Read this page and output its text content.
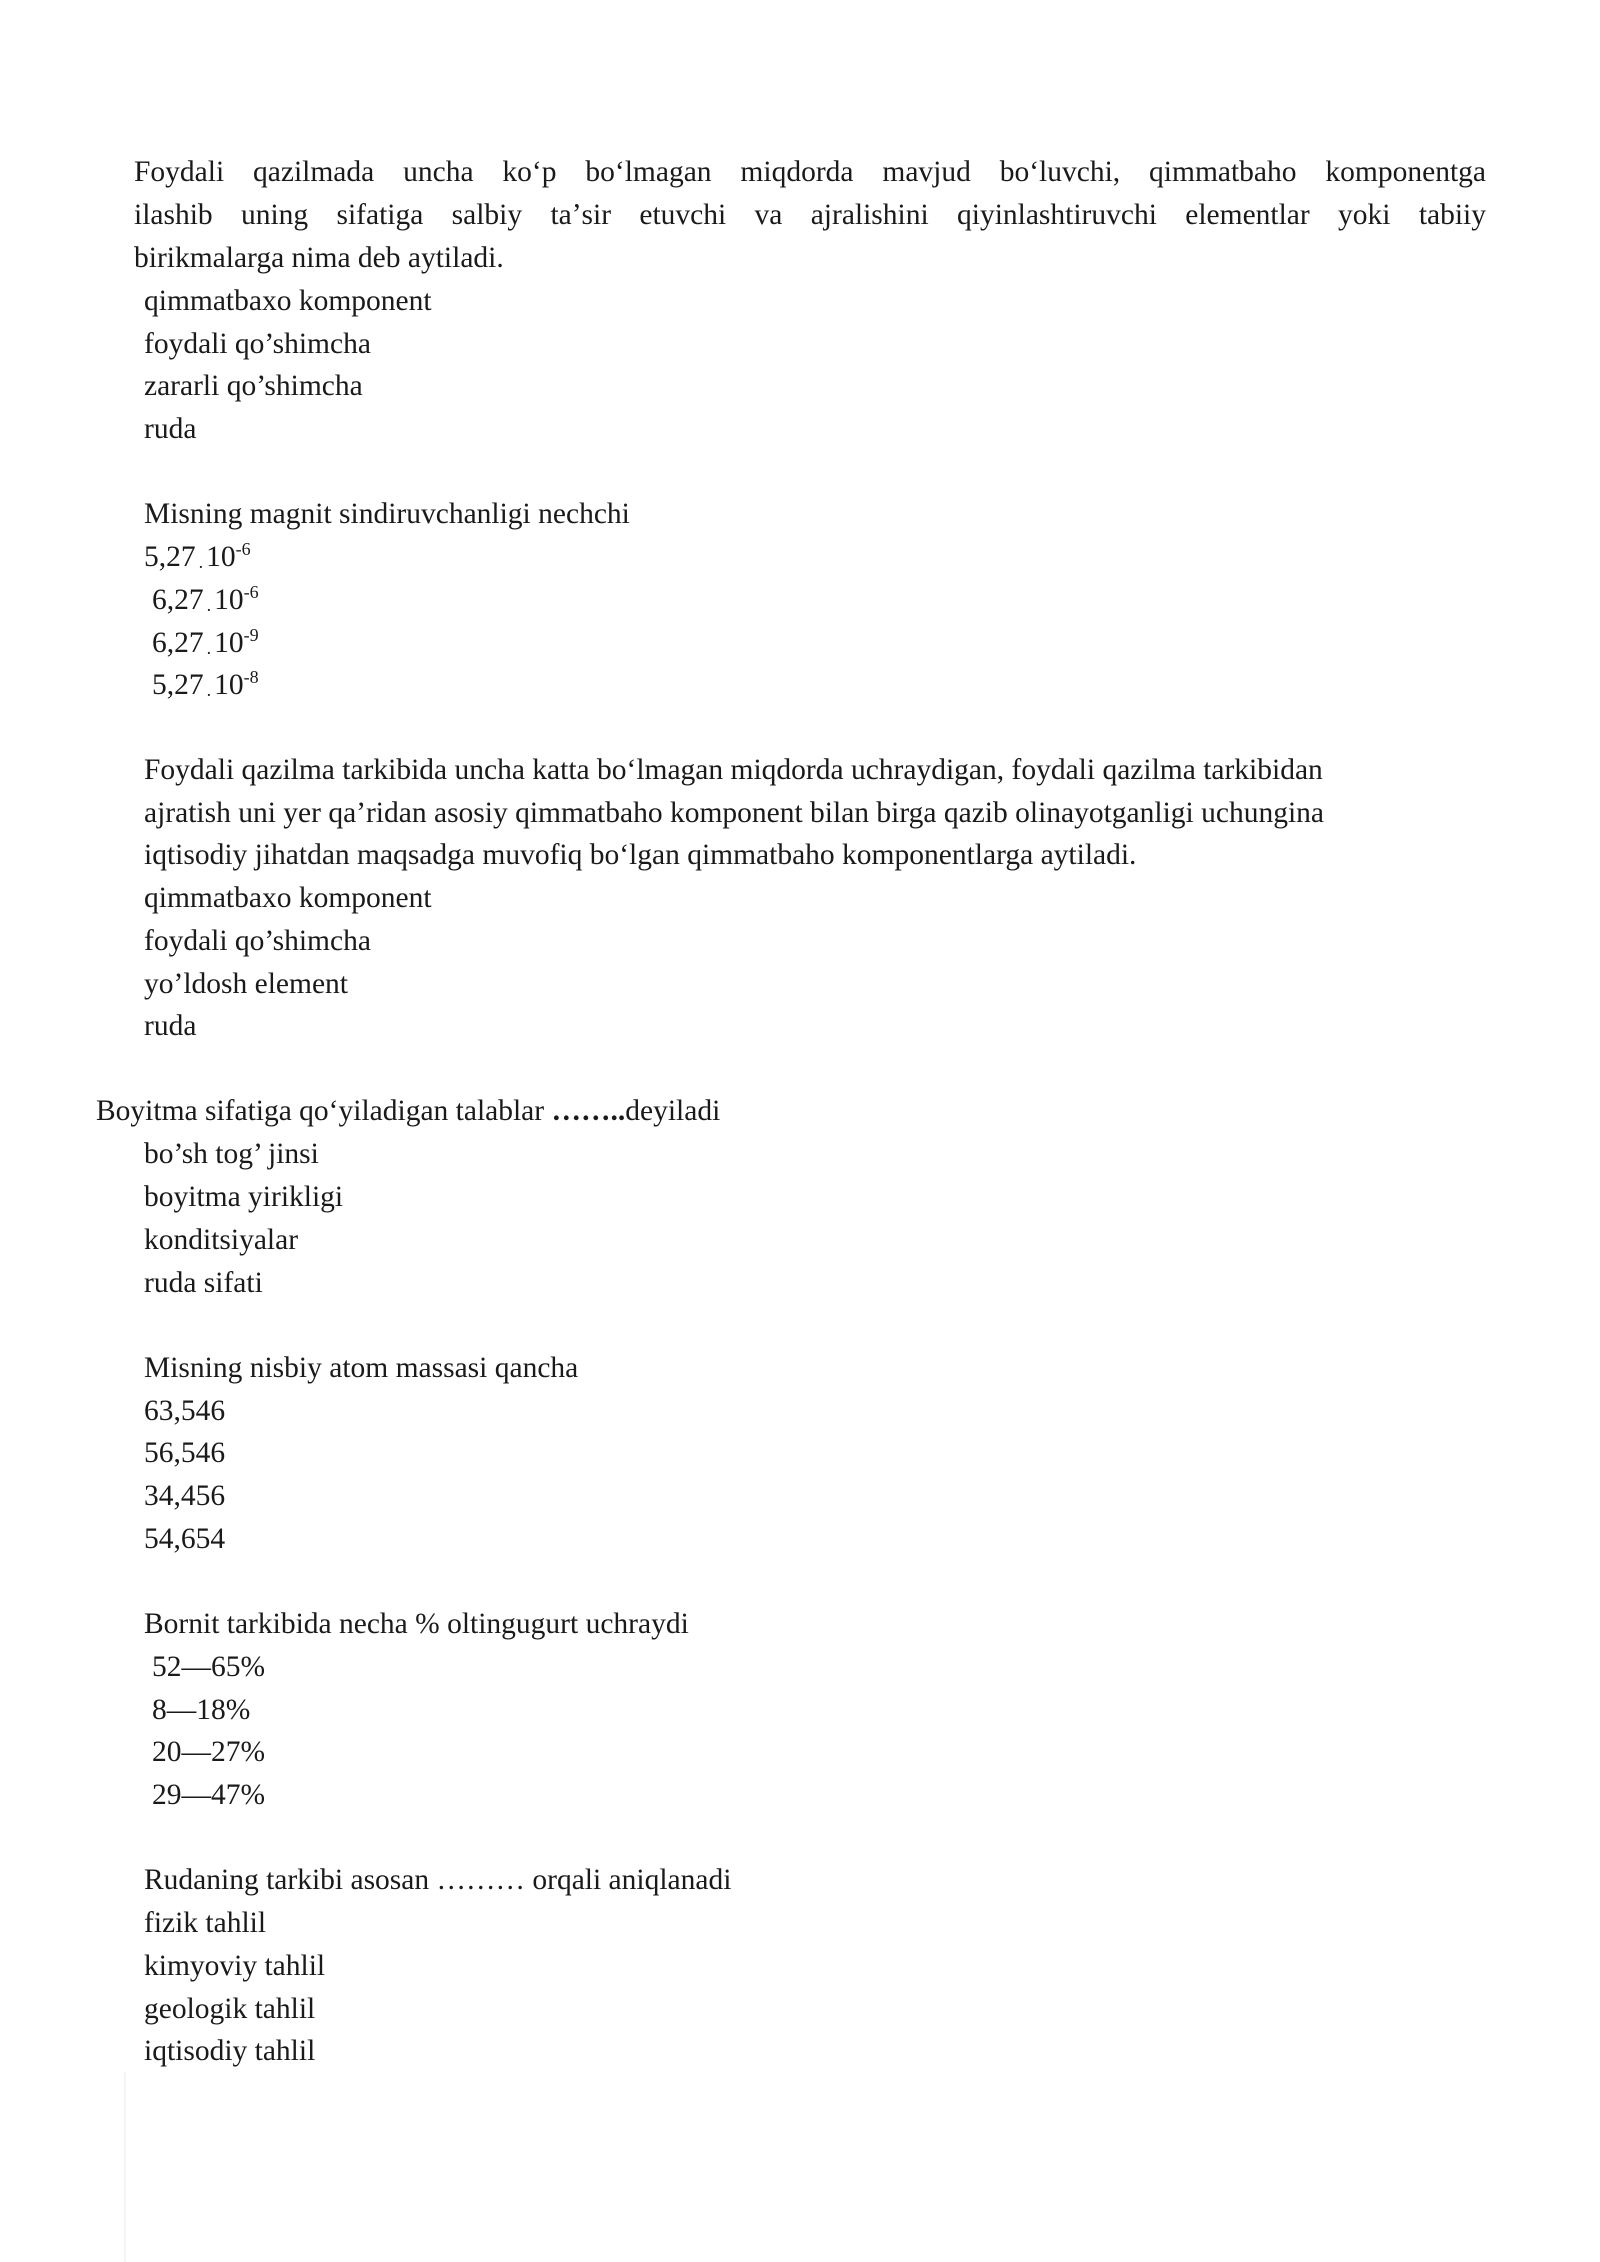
Foydali qazilmada uncha koʻp boʻlmagan miqdorda mavjud boʻluvchi, qimmatbaho komponentga
ilashib uning sifatiga salbiy taʼsir etuvchi va ajralishini qiyinlashtiruvchi elementlar yoki tabiiy
birikmalarga nima deb aytiladi.
qimmatbaxo komponent
foydali qo’shimcha
zararli qo’shimcha
ruda
Misning magnit sindiruvchanligi nechchi
5,27 . $10^{-6}$
6,27 . $10^{-6}$
6,27 . $10^{-9}$
5,27 . $10^{-8}$
Foydali qazilma tarkibida uncha katta boʻlmagan miqdorda uchraydigan, foydali qazilma tarkibidan
ajratish uni yer qa’ridan asosiy qimmatbaho komponent bilan birga qazib olinayotganligi uchungina
iqtisodiy jihatdan maqsadga muvofiq boʻlgan qimmatbaho komponentlarga aytiladi.
qimmatbaxo komponent
foydali qo’shimcha
yo’ldosh element
ruda
Boyitma sifatiga qoʻyiladigan talablar ……..deyiladi
bo’sh tog’ jinsi
boyitma yirikligi
konditsiyalar
ruda sifati
Misning nisbiy atom massasi qancha
63,546
56,546
34,456
54,654
Bornit tarkibida necha % oltingugurt uchraydi
52—65%
8—18%
20—27%
29—47%
Rudaning tarkibi asosan ……… orqali aniqlanadi
fizik tahlil
kimyoviy tahlil
geologik tahlil
iqtisodiy tahlil
